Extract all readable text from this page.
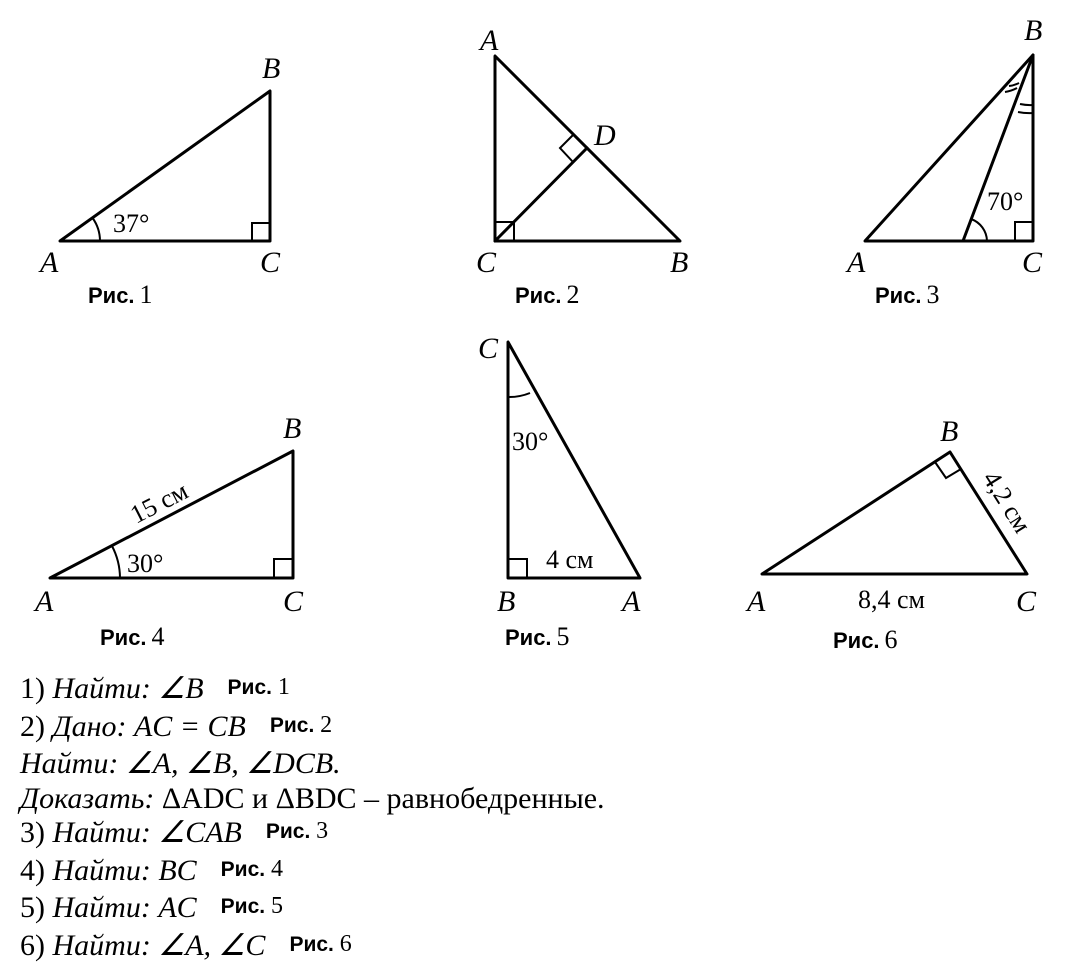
37°
A
B
C
Рис. 1
A
D
C	B
Рис. 2
70°
A
B
C
Рис. 3
30°
15 см
A
B
C
Рис. 4
30°
4 см
C
B	A
Рис. 5
4,2 см
8,4 см
A
B
C
Рис. 6
1) Найти: ∠B Рис. 1
2) Дано: AC = CB Рис. 2
Найти: ∠A, ∠B, ∠DCB.
Доказать: ΔADC и ΔBDC – равнобедренные.
3) Найти: ∠CAB Рис. 3
4) Найти: BC Рис. 4
5) Найти: AC Рис. 5
6) Найти: ∠A, ∠C Рис. 6
